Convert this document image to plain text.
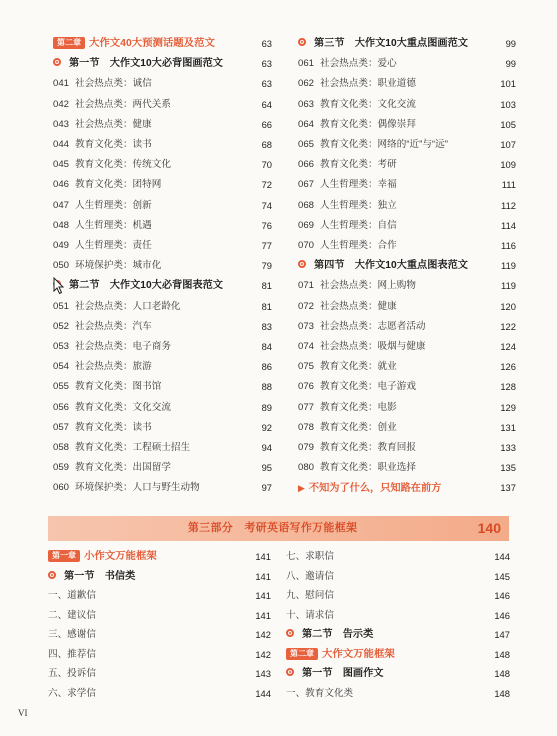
第二章 大作文40大预测话题及范文	63
第一节　大作文10大必背图画范文	63
041 社会热点类：诚信	63
042 社会热点类：两代关系	64
043 社会热点类：健康	66
044 教育文化类：读书	68
045 教育文化类：传统文化	70
046 教育文化类：团特网	72
047 人生哲理类：创新	74
048 人生哲理类：机遇	76
049 人生哲理类：责任	77
050 环境保护类：城市化	79
第二节　大作文10大必背图表范文	81
051 社会热点类：人口老龄化	81
052 社会热点类：汽车	83
053 社会热点类：电子商务	84
054 社会热点类：旅游	86
055 教育文化类：图书馆	88
056 教育文化类：文化交流	89
057 教育文化类：读书	92
058 教育文化类：工程硕士招生	94
059 教育文化类：出国留学	95
060 环境保护类：人口与野生动物	97
第三节　大作文10大重点图画范文	99
061 社会热点类：爱心	99
062 社会热点类：职业道德	101
063 教育文化类：文化交流	103
064 教育文化类：偶像崇拜	105
065 教育文化类：网络的“近”与“远”	107
066 教育文化类：考研	109
067 人生哲理类：幸福	111
068 人生哲理类：独立	112
069 人生哲理类：自信	114
070 人生哲理类：合作	116
第四节　大作文10大重点图表范文	119
071 社会热点类：网上购物	119
072 社会热点类：健康	120
073 社会热点类：志愿者活动	122
074 社会热点类：吸烟与健康	124
075 教育文化类：就业	126
076 教育文化类：电子游戏	128
077 教育文化类：电影	129
078 教育文化类：创业	131
079 教育文化类：教育回报	133
080 教育文化类：职业选择	135
▶ 不知为了什么，只知路在前方	137
第三部分　考研英语写作万能框架	140
第一章 小作文万能框架	141
第一节　书信类	141
一、道歉信	141
二、建议信	141
三、感谢信	142
四、推荐信	142
五、投诉信	143
六、求学信	144
七、求职信	144
八、邀请信	145
九、慰问信	146
十、请求信	146
第二节　告示类	147
第二章 大作文万能框架	148
第一节　图画作文	148
一、教育文化类	148
VI
